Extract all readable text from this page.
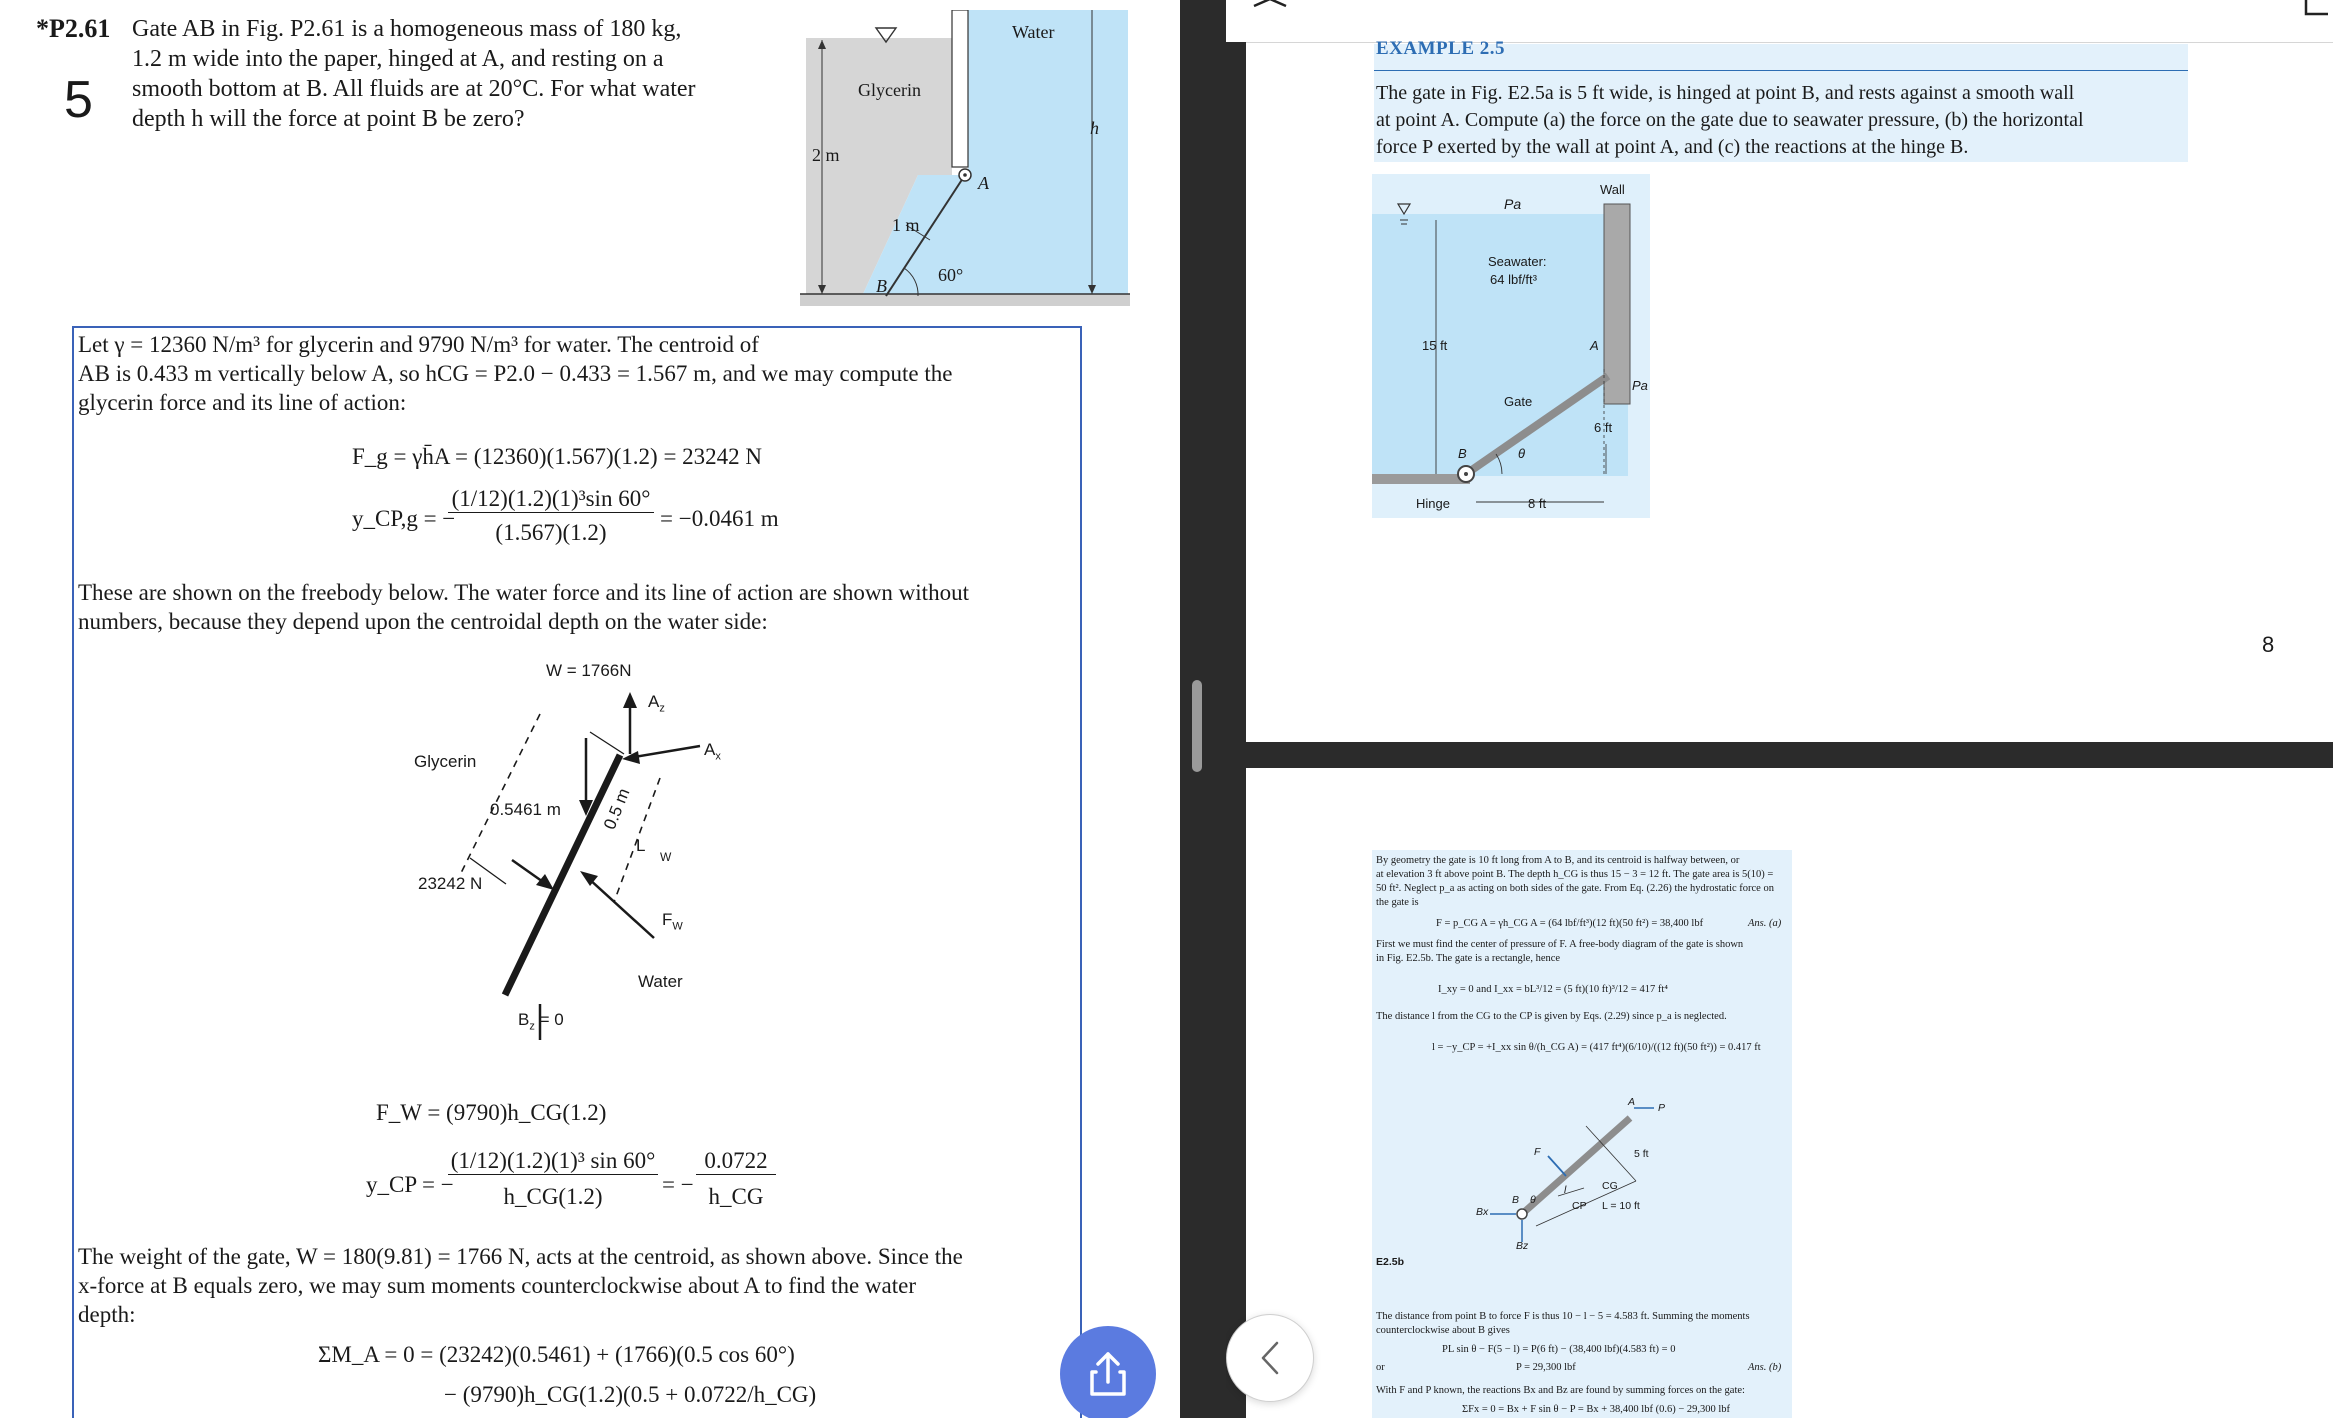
*P2.61 Gate AB in Fig. P2.61 is a homogeneous mass of 180 kg,
1.2 m wide into the paper, hinged at A, and resting on a
smooth bottom at B. All fluids are at 20°C. For what water
depth h will the force at point B be zero?
5	Glycerin
Water
2 m
1 m
60°
A
B
h
Let γ = 12360 N/m³ for glycerin and 9790 N/m³ for water. The centroid of
AB is 0.433 m vertically below A, so hCG = P2.0 − 0.433 = 1.567 m, and we may compute the
glycerin force and its line of action:
F_g = γh̄A = (12360)(1.567)(1.2) = 23242 N
y_CP,g = −
(1/12)(1.2)(1)³sin 60°
(1.567)(1.2)
= −0.0461 m
These are shown on the freebody below. The water force and its line of action are shown without
numbers, because they depend upon the centroidal depth on the water side:
W = 1766N
$A_z$
$A_x$
Glycerin
0.5461 m 0.5 m
L
W
23242 N
$F_W$
Water
$B_z = 0$
F_W = (9790)h_CG(1.2)
y_CP = −
(1/12)(1.2)(1)³ sin 60°
h_CG(1.2)	= −
0.0722
h_CG
The weight of the gate, W = 180(9.81) = 1766 N, acts at the centroid, as shown above. Since the
x-force at B equals zero, we may sum moments counterclockwise about A to find the water
depth:
ΣM_A = 0 = (23242)(0.5461) + (1766)(0.5 cos 60°)
− (9790)h_CG(1.2)(0.5 + 0.0722/h_CG)
EXAMPLE 2.5
The gate in Fig. E2.5a is 5 ft wide, is hinged at point B, and rests against a smooth wall
at point A. Compute (a) the force on the gate due to seawater pressure, (b) the horizontal
force P exerted by the wall at point A, and (c) the reactions at the hinge B.
Pa
Wall
Seawater:
64 lbf/ft³
15 ft	A
Pa
Gate
6 ft
B	θ
Hinge	8 ft
8
By geometry the gate is 10 ft long from A to B, and its centroid is halfway between, or
at elevation 3 ft above point B. The depth h_CG is thus 15 − 3 = 12 ft. The gate area is 5(10) =
50 ft². Neglect p_a as acting on both sides of the gate. From Eq. (2.26) the hydrostatic force on
the gate is
F = p_CG A = γh_CG A = (64 lbf/ft³)(12 ft)(50 ft²) = 38,400 lbf	Ans. (a)
First we must find the center of pressure of F. A free-body diagram of the gate is shown
in Fig. E2.5b. The gate is a rectangle, hence
I_xy = 0 and I_xx = bL³/12 = (5 ft)(10 ft)³/12 = 417 ft⁴
The distance l from the CG to the CP is given by Eqs. (2.29) since p_a is neglected.
l = −y_CP = +I_xx sin θ/(h_CG A) = (417 ft⁴)(6/10)/((12 ft)(50 ft²)) = 0.417 ft
A P
5 ft
F
CG
CP
l
L = 10 ft
B θ
Bx
Bz
E2.5b
The distance from point B to force F is thus 10 − l − 5 = 4.583 ft. Summing the moments
counterclockwise about B gives
PL sin θ − F(5 − l) = P(6 ft) − (38,400 lbf)(4.583 ft) = 0
or	P = 29,300 lbf	Ans. (b)
With F and P known, the reactions Bx and Bz are found by summing forces on the gate:
ΣFx = 0 = Bx + F sin θ − P = Bx + 38,400 lbf (0.6) − 29,300 lbf
